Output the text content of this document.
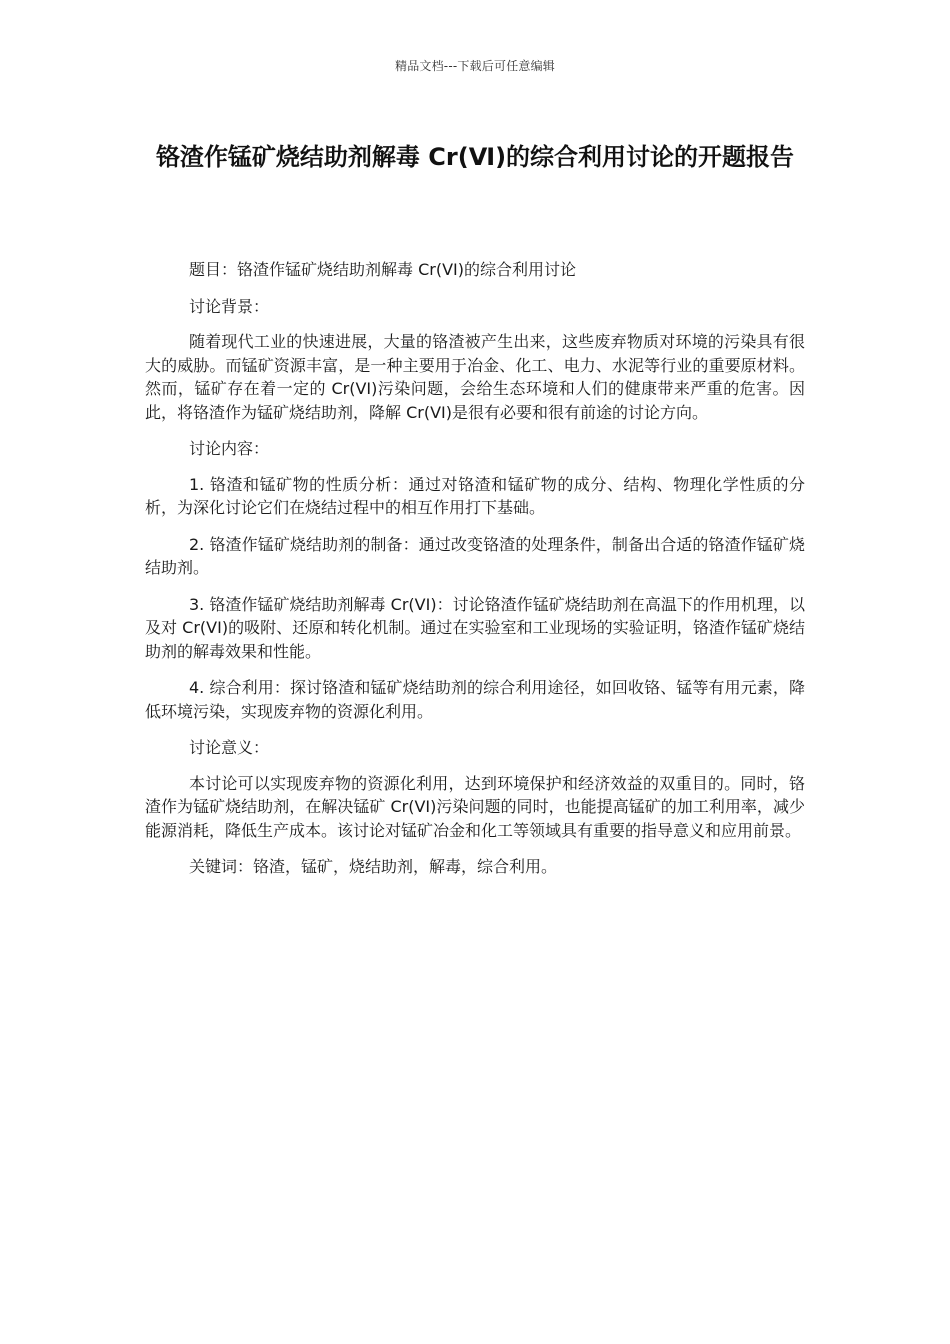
精品文档---下载后可任意编辑
铬渣作锰矿烧结助剂解毒 Cr(Ⅵ)的综合利用讨论的开题报告

题目：铬渣作锰矿烧结助剂解毒 Cr(VI)的综合利用讨论

讨论背景：

随着现代工业的快速进展，大量的铬渣被产生出来，这些废弃物质对环境的污染具有很大的威胁。而锰矿资源丰富，是一种主要用于冶金、化工、电力、水泥等行业的重要原材料。然而，锰矿存在着一定的 Cr(VI)污染问题，会给生态环境和人们的健康带来严重的危害。因此，将铬渣作为锰矿烧结助剂，降解 Cr(VI)是很有必要和很有前途的讨论方向。

讨论内容：

1. 铬渣和锰矿物的性质分析：通过对铬渣和锰矿物的成分、结构、物理化学性质的分析，为深化讨论它们在烧结过程中的相互作用打下基础。

2. 铬渣作锰矿烧结助剂的制备：通过改变铬渣的处理条件，制备出合适的铬渣作锰矿烧结助剂。

3. 铬渣作锰矿烧结助剂解毒 Cr(VI)：讨论铬渣作锰矿烧结助剂在高温下的作用机理，以及对 Cr(VI)的吸附、还原和转化机制。通过在实验室和工业现场的实验证明，铬渣作锰矿烧结助剂的解毒效果和性能。

4. 综合利用：探讨铬渣和锰矿烧结助剂的综合利用途径，如回收铬、锰等有用元素，降低环境污染，实现废弃物的资源化利用。

讨论意义：

本讨论可以实现废弃物的资源化利用，达到环境保护和经济效益的双重目的。同时，铬渣作为锰矿烧结助剂，在解决锰矿 Cr(VI)污染问题的同时，也能提高锰矿的加工利用率，减少能源消耗，降低生产成本。该讨论对锰矿冶金和化工等领域具有重要的指导意义和应用前景。

关键词：铬渣，锰矿，烧结助剂，解毒，综合利用。
